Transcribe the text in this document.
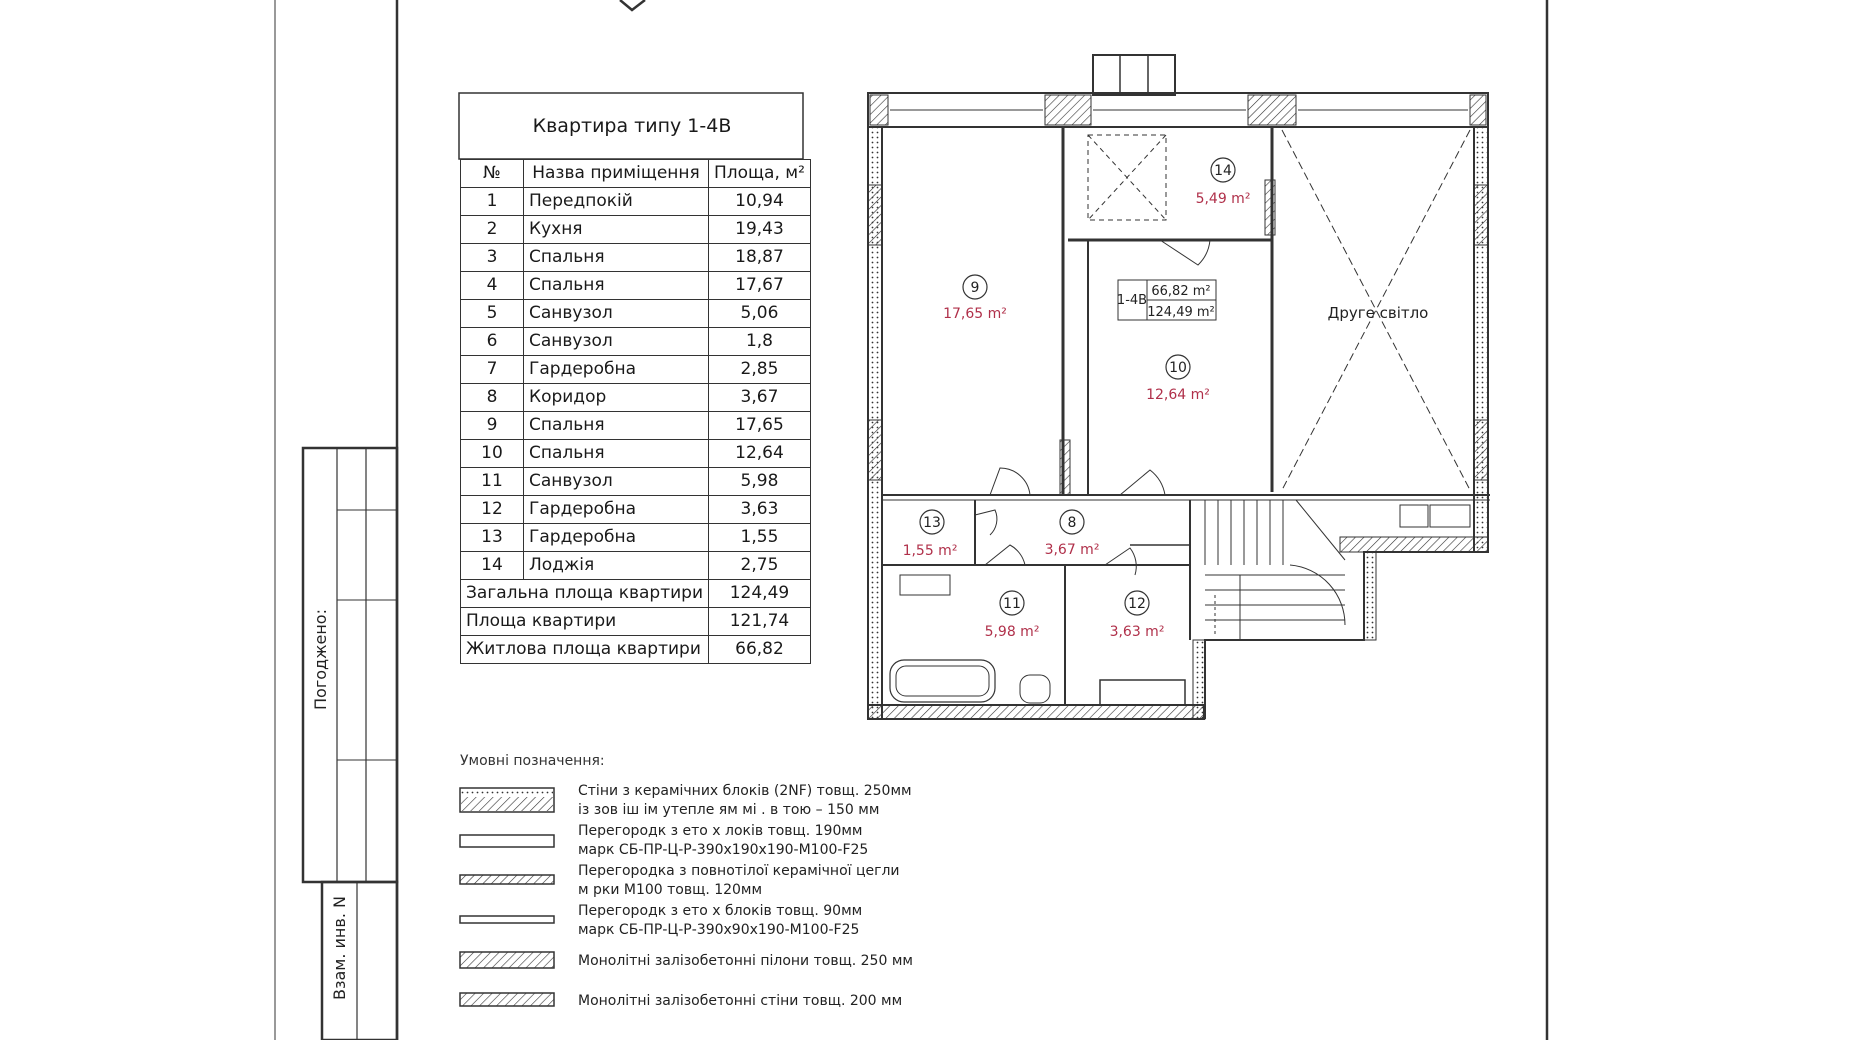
Погоджено:
Взам. инв. N
9
17,65 m²
14
5,49 m²
10
12,64 m²
13
1,55 m²
8
3,67 m²
11
5,98 m²
12
3,63 m²
1-4В
66,82 m²
124,49 m²	Друге світло
Квартира типу 1-4В
№	Назва приміщення	Площа, м²
1	Передпокій	10,94
2	Кухня	19,43
3	Спальня	18,87
4	Спальня	17,67
5	Санвузол	5,06
6	Санвузол	1,8
7	Гардеробна	2,85
8	Коридор	3,67
9	Спальня	17,65
10	Спальня	12,64
11	Санвузол	5,98
12	Гардеробна	3,63
13	Гардеробна	1,55
14	Лоджія	2,75
Загальна площа квартири		124,49
Площа квартири		121,74
Житлова площа квартири		66,82
Умовні позначення:
Стіни з керамічних блоків (2NF) товщ. 250мм
із зов іш ім утепле ям мі . в тою – 150 мм
Перегородк з ето х локів товщ. 190мм
марк СБ-ПР-Ц-Р-390х190х190-М100-F25
Перегородка з повнотілої керамічної цегли
м рки М100 товщ. 120мм
Перегородк з ето х блоків товщ. 90мм
марк СБ-ПР-Ц-Р-390х90х190-М100-F25
Монолітні залізобетонні пілони товщ. 250 мм
Монолітні залізобетонні стіни товщ. 200 мм
